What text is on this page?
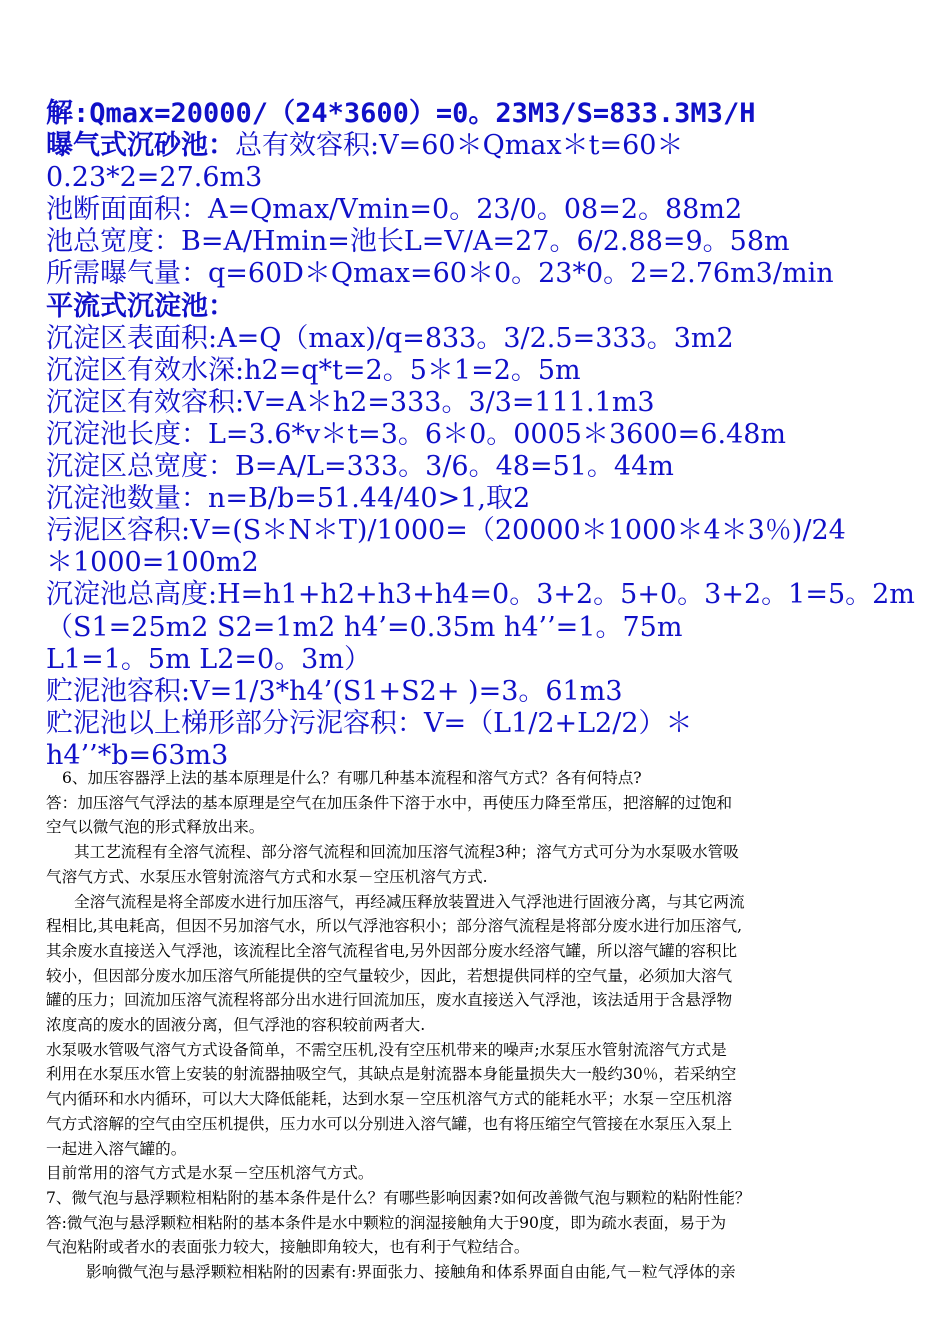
解:Qmax=20000/（24*3600）=0。23M3/S=833.3M3/H
曝气式沉砂池：总有效容积:V=60＊Qmax＊t=60＊
0.23*2=27.6m3
池断面面积：A=Qmax/Vmin=0。23/0。08=2。88m2
池总宽度：B=A/Hmin=池长L=V/A=27。6/2.88=9。58m
所需曝气量：q=60D＊Qmax=60＊0。23*0。2=2.76m3/min
平流式沉淀池：
沉淀区表面积:A=Q（max)/q=833。3/2.5=333。3m2
沉淀区有效水深:h2=q*t=2。5＊1=2。5m
沉淀区有效容积:V=A＊h2=333。3/3=111.1m3
沉淀池长度：L=3.6*v＊t=3。6＊0。0005＊3600=6.48m
沉淀区总宽度：B=A/L=333。3/6。48=51。44m
沉淀池数量：n=B/b=51.44/40>1,取2
污泥区容积:V=(S＊N＊T)/1000=（20000＊1000＊4＊3％)/24
＊1000=100m2
沉淀池总高度:H=h1+h2+h3+h4=0。3+2。5+0。3+2。1=5。2m
（S1=25m2 S2=1m2 h4’=0.35m h4’’=1。75m
L1=1。5m L2=0。3m）
贮泥池容积:V=1/3*h4’(S1+S2+ )=3。61m3
贮泥池以上梯形部分污泥容积：V=（L1/2+L2/2）＊
h4’’*b=63m3
6、加压容器浮上法的基本原理是什么？有哪几种基本流程和溶气方式？各有何特点?
答：加压溶气气浮法的基本原理是空气在加压条件下溶于水中，再使压力降至常压，把溶解的过饱和
空气以微气泡的形式释放出来。
其工艺流程有全溶气流程、部分溶气流程和回流加压溶气流程3种；溶气方式可分为水泵吸水管吸
气溶气方式、水泵压水管射流溶气方式和水泵－空压机溶气方式.
全溶气流程是将全部废水进行加压溶气，再经减压释放装置进入气浮池进行固液分离，与其它两流
程相比,其电耗高，但因不另加溶气水，所以气浮池容积小；部分溶气流程是将部分废水进行加压溶气,
其余废水直接送入气浮池，该流程比全溶气流程省电,另外因部分废水经溶气罐，所以溶气罐的容积比
较小，但因部分废水加压溶气所能提供的空气量较少，因此，若想提供同样的空气量，必须加大溶气
罐的压力；回流加压溶气流程将部分出水进行回流加压，废水直接送入气浮池，该法适用于含悬浮物
浓度高的废水的固液分离，但气浮池的容积较前两者大.
水泵吸水管吸气溶气方式设备简单，不需空压机,没有空压机带来的噪声;水泵压水管射流溶气方式是
利用在水泵压水管上安装的射流器抽吸空气，其缺点是射流器本身能量损失大一般约30％，若采纳空
气内循环和水内循环，可以大大降低能耗，达到水泵－空压机溶气方式的能耗水平；水泵－空压机溶
气方式溶解的空气由空压机提供，压力水可以分别进入溶气罐，也有将压缩空气管接在水泵压入泵上
一起进入溶气罐的。
目前常用的溶气方式是水泵－空压机溶气方式。
7、微气泡与悬浮颗粒相粘附的基本条件是什么？有哪些影响因素?如何改善微气泡与颗粒的粘附性能？
答:微气泡与悬浮颗粒相粘附的基本条件是水中颗粒的润湿接触角大于90度，即为疏水表面，易于为
气泡粘附或者水的表面张力较大，接触即角较大，也有利于气粒结合。
影响微气泡与悬浮颗粒相粘附的因素有:界面张力、接触角和体系界面自由能,气－粒气浮体的亲
